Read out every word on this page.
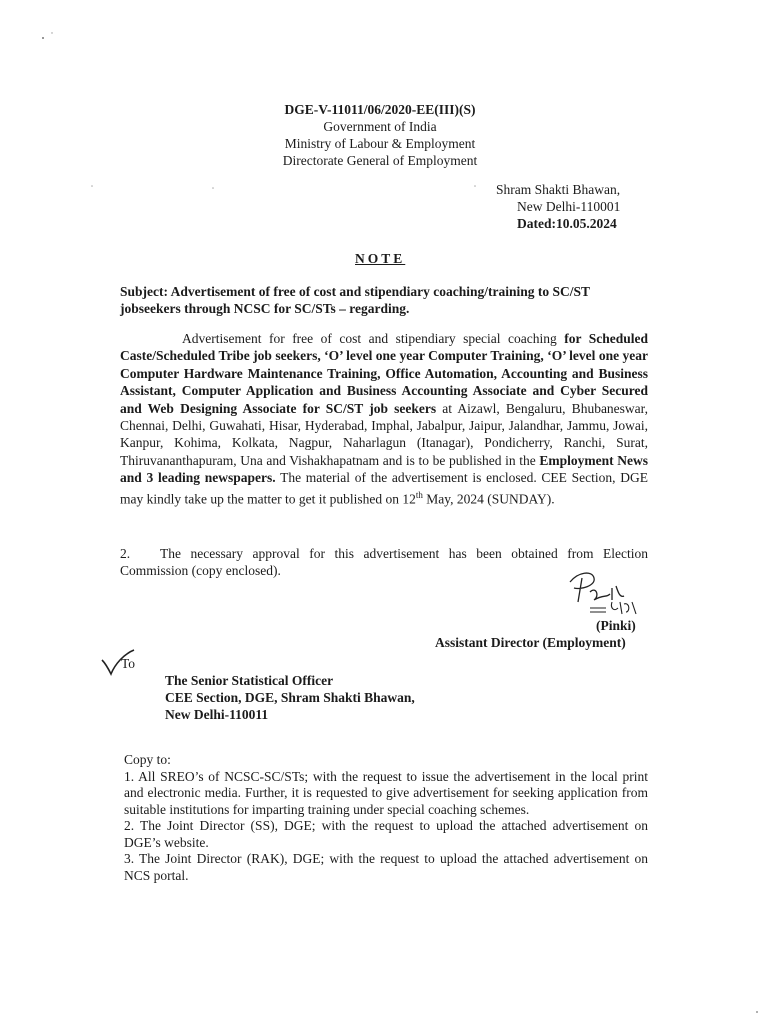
DGE-V-11011/06/2020-EE(III)(S)
Government of India
Ministry of Labour & Employment
Directorate General of Employment
Shram Shakti Bhawan,
New Delhi-110001
Dated:10.05.2024
NOTE
Subject: Advertisement of free of cost and stipendiary coaching/training to SC/ST jobseekers through NCSC for SC/STs – regarding.
Advertisement for free of cost and stipendiary special coaching for Scheduled Caste/Scheduled Tribe job seekers, ‘O’ level one year Computer Training, ‘O’ level one year Computer Hardware Maintenance Training, Office Automation, Accounting and Business Assistant, Computer Application and Business Accounting Associate and Cyber Secured and Web Designing Associate for SC/ST job seekers at Aizawl, Bengaluru, Bhubaneswar, Chennai, Delhi, Guwahati, Hisar, Hyderabad, Imphal, Jabalpur, Jaipur, Jalandhar, Jammu, Jowai, Kanpur, Kohima, Kolkata, Nagpur, Naharlagun (Itanagar), Pondicherry, Ranchi, Surat, Thiruvananthapuram, Una and Vishakhapatnam and is to be published in the Employment News and 3 leading newspapers. The material of the advertisement is enclosed. CEE Section, DGE may kindly take up the matter to get it published on 12th May, 2024 (SUNDAY).
2. The necessary approval for this advertisement has been obtained from Election Commission (copy enclosed).
(Pinki)
Assistant Director (Employment)
To
The Senior Statistical Officer
CEE Section, DGE, Shram Shakti Bhawan,
New Delhi-110011

Copy to:

1. All SREO’s of NCSC-SC/STs; with the request to issue the advertisement in the local print and electronic media. Further, it is requested to give advertisement for seeking application from suitable institutions for imparting training under special coaching schemes.

2. The Joint Director (SS), DGE; with the request to upload the attached advertisement on DGE’s website.

3. The Joint Director (RAK), DGE; with the request to upload the attached advertisement on NCS portal.
